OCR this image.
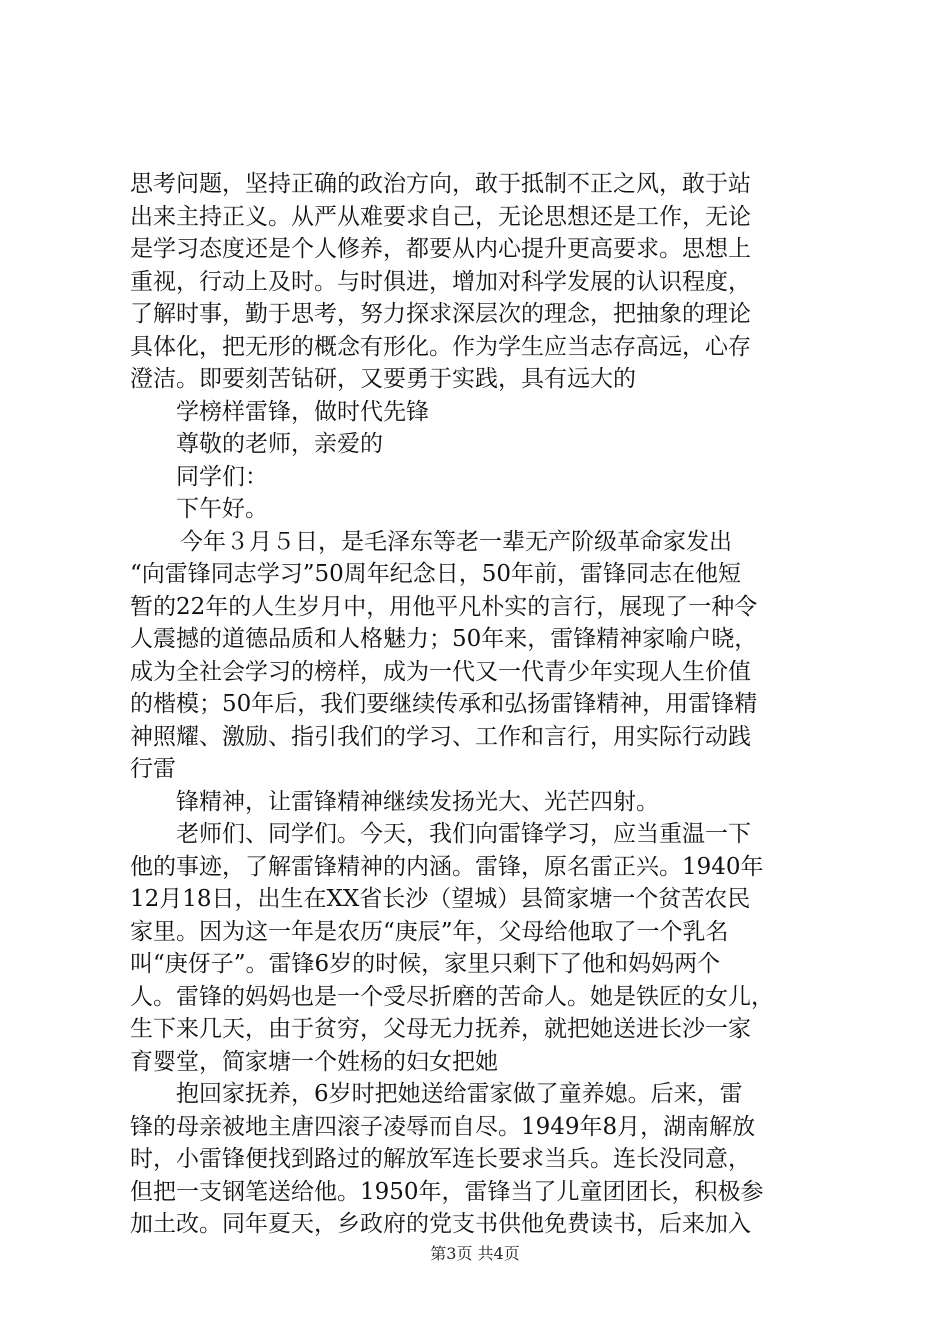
思考问题，坚持正确的政治方向，敢于抵制不正之风，敢于站
出来主持正义。从严从难要求自己，无论思想还是工作，无论
是学习态度还是个人修养，都要从内心提升更高要求。思想上
重视，行动上及时。与时俱进，增加对科学发展的认识程度，
了解时事，勤于思考，努力探求深层次的理念，把抽象的理论
具体化，把无形的概念有形化。作为学生应当志存高远，心存
澄洁。即要刻苦钻研，又要勇于实践，具有远大的
学榜样雷锋，做时代先锋
尊敬的老师，亲爱的
同学们：
下午好。
今年３月５日，是毛泽东等老一辈无产阶级革命家发出
“向雷锋同志学习”50周年纪念日，50年前，雷锋同志在他短
暂的22年的人生岁月中，用他平凡朴实的言行，展现了一种令
人震撼的道德品质和人格魅力；50年来，雷锋精神家喻户晓，
成为全社会学习的榜样，成为一代又一代青少年实现人生价值
的楷模；50年后，我们要继续传承和弘扬雷锋精神，用雷锋精
神照耀、激励、指引我们的学习、工作和言行，用实际行动践
行雷
锋精神，让雷锋精神继续发扬光大、光芒四射。
老师们、同学们。今天，我们向雷锋学习，应当重温一下
他的事迹，了解雷锋精神的内涵。雷锋，原名雷正兴。1940年
12月18日，出生在XX省长沙（望城）县简家塘一个贫苦农民
家里。因为这一年是农历“庚辰”年，父母给他取了一个乳名
叫“庚伢子”。雷锋6岁的时候，家里只剩下了他和妈妈两个
人。雷锋的妈妈也是一个受尽折磨的苦命人。她是铁匠的女儿，
生下来几天，由于贫穷，父母无力抚养，就把她送进长沙一家
育婴堂，简家塘一个姓杨的妇女把她
抱回家抚养，6岁时把她送给雷家做了童养媳。后来，雷
锋的母亲被地主唐四滚子凌辱而自尽。1949年8月，湖南解放
时，小雷锋便找到路过的解放军连长要求当兵。连长没同意，
但把一支钢笔送给他。1950年，雷锋当了儿童团团长，积极参
加土改。同年夏天，乡政府的党支书供他免费读书，后来加入
第3页 共4页
